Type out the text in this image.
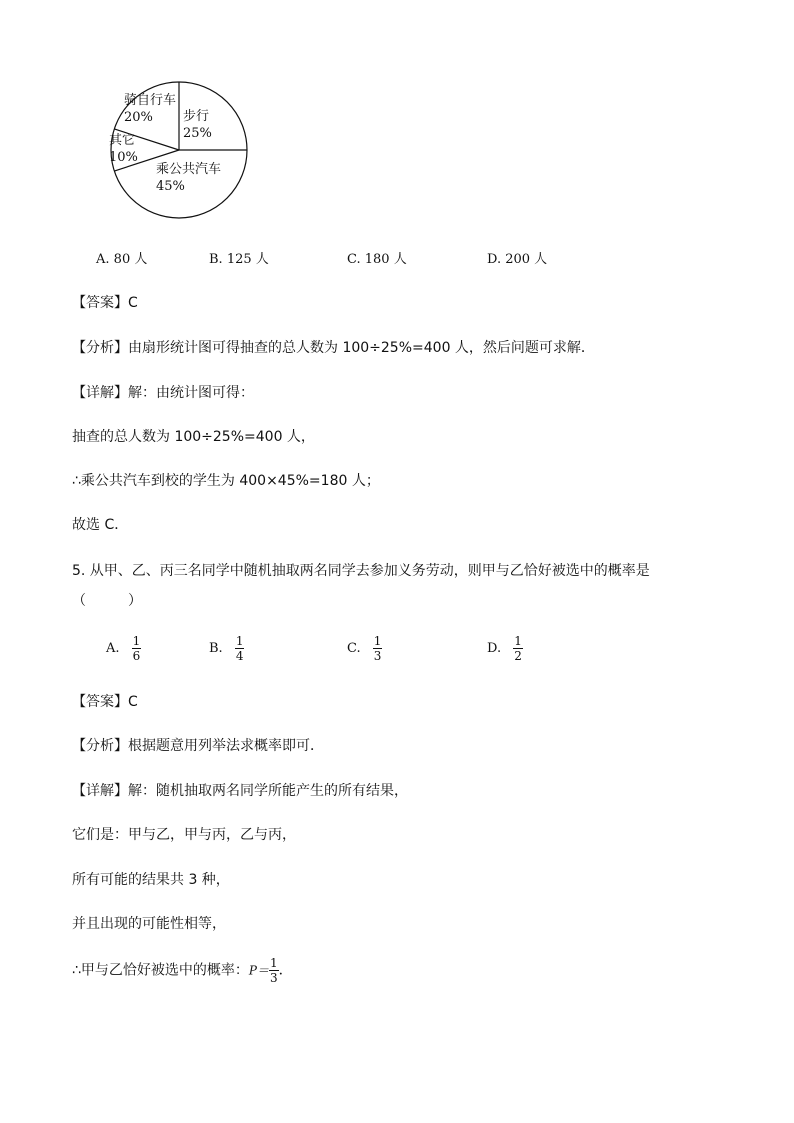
骑自行车
20%	步行
25%
其它
10%
乘公共汽车
45%
A. 80 人	B. 125 人	C. 180 人	D. 200 人
【答案】C
【分析】由扇形统计图可得抽查的总人数为 100÷25%=400 人，然后问题可求解．
【详解】解：由统计图可得：
抽查的总人数为 100÷25%=400 人，
∴乘公共汽车到校的学生为 400×45%=180 人；
故选 C．
5. 从甲、乙、丙三名同学中随机抽取两名同学去参加义务劳动，则甲与乙恰好被选中的概率是
（　　　）
A. $\frac{1}{6}$	B. $\frac{1}{4}$	C. $\frac{1}{3}$	D. $\frac{1}{2}$
【答案】C
【分析】根据题意用列举法求概率即可．
【详解】解：随机抽取两名同学所能产生的所有结果，
它们是：甲与乙，甲与丙，乙与丙，
所有可能的结果共 3 种，
并且出现的可能性相等，
∴甲与乙恰好被选中的概率：$P= \frac{1}{3}$ ．
